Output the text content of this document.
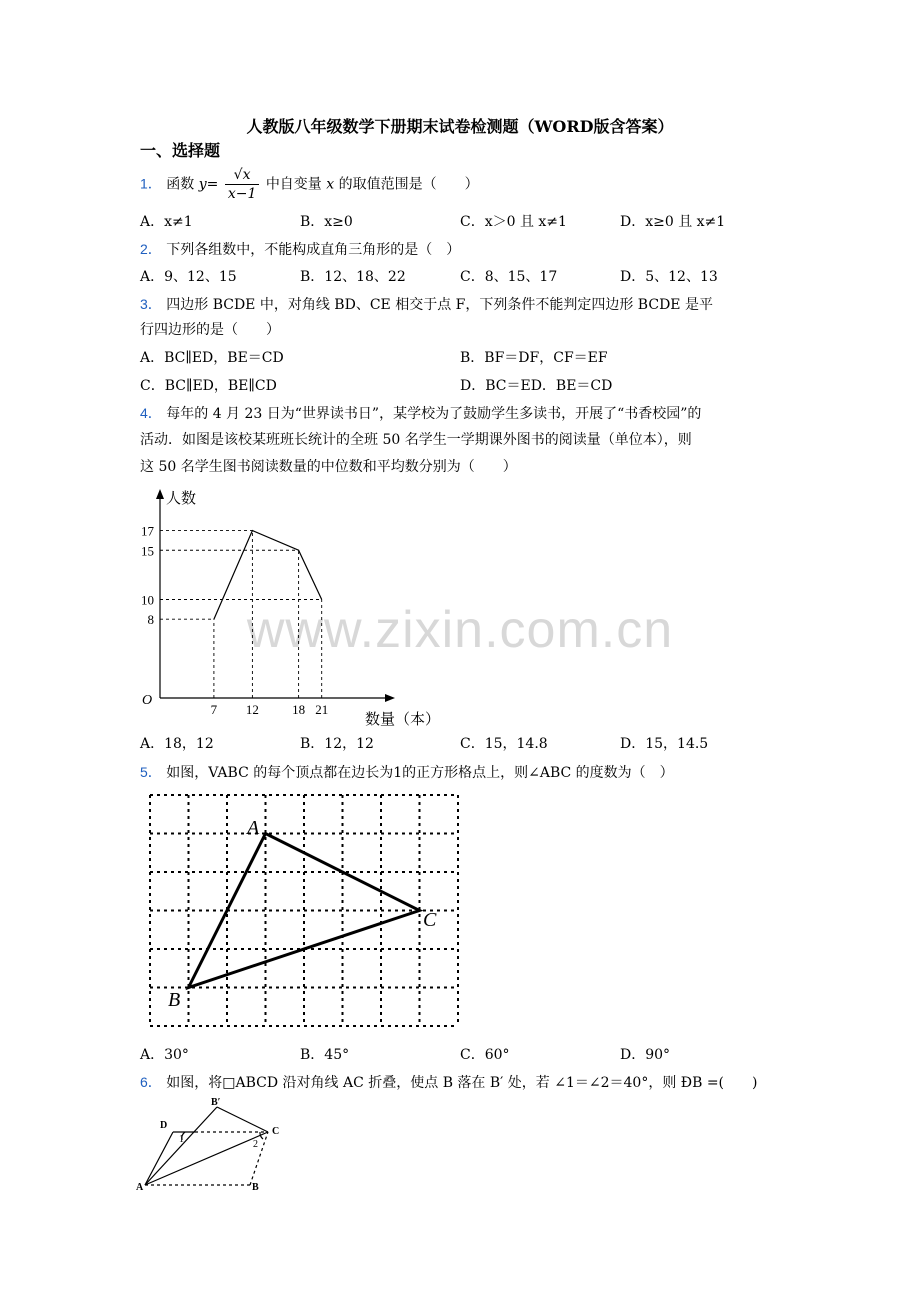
人教版八年级数学下册期末试卷检测题（WORD版含答案）
一、选择题
www.zixin.com.cn
1． 函数 $y= \frac{√x}{x-1}$ 中自变量 x 的取值范围是（　　）
A．x≠1	B．x≥0	C．x＞0 且 x≠1	D．x≥0 且 x≠1
2． 下列各组数中，不能构成直角三角形的是（　）
A．9、12、15	B．12、18、22	C．8、15、17	D．5、12、13
3． 四边形 BCDE 中，对角线 BD、CE 相交于点 F，下列条件不能判定四边形 BCDE 是平
行四边形的是（　　）
A．BC∥ED，BE＝CD	B．BF＝DF，CF＝EF
C．BC∥ED，BE∥CD	D．BC＝ED．BE＝CD
4． 每年的 4 月 23 日为“世界读书日”，某学校为了鼓励学生多读书，开展了“书香校园”的
活动．如图是该校某班班长统计的全班 50 名学生一学期课外图书的阅读量（单位本），则
这 50 名学生图书阅读数量的中位数和平均数分别为（　　）
7 12	18 21
8
10
15
17
O
人数
数量（本）
A．18，12	B．12，12	C．15，14.8	D．15，14.5
5． 如图，VABC 的每个顶点都在边长为1的正方形格点上，则∠ABC 的度数为（　）
A
C
B
A．30°	B．45°	C．60°	D．90°
6． 如图，将□ABCD 沿对角线 AC 折叠，使点 B 落在 B′ 处，若 ∠1＝∠2＝40°，则 ÐB =(　　)
A	B
C
D
B′
1	2
